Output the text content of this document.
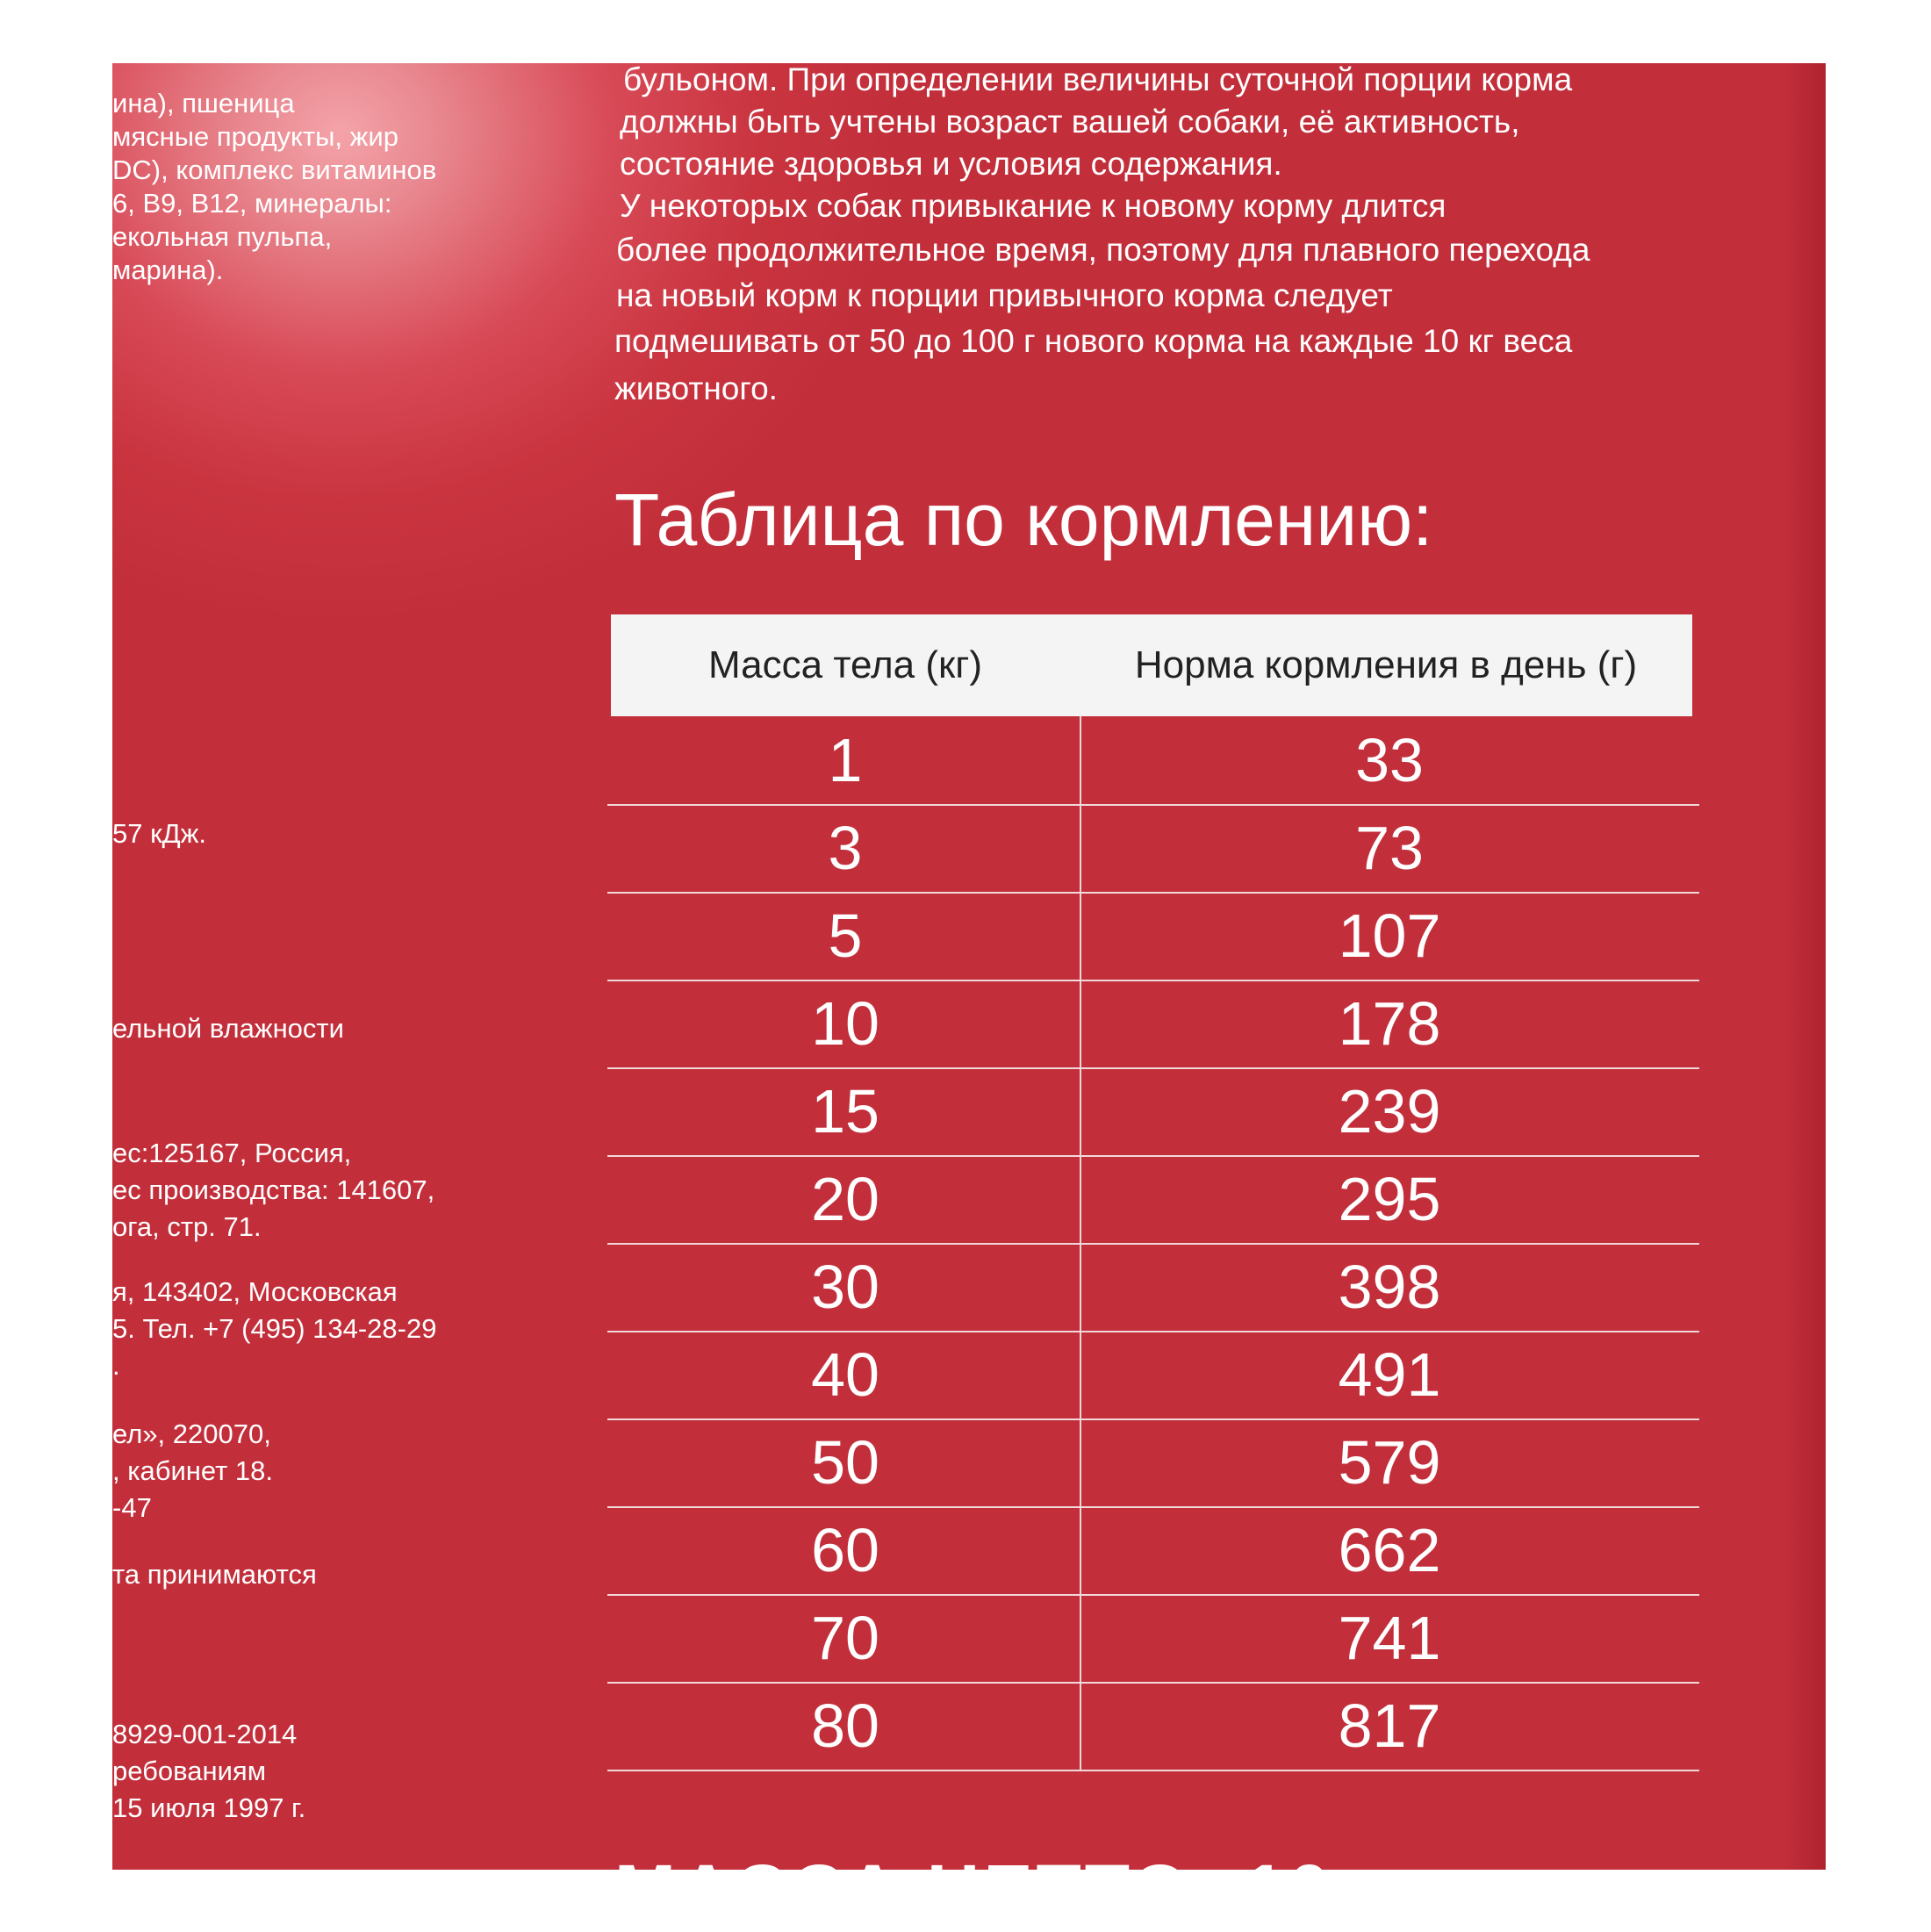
ина), пшеница
мясные продукты, жир
DC), комплекс витаминов
6, B9, B12, минералы:
екольная пульпа,
марина).
57 кДж.
ельной влажности
ес:125167, Россия,
ес производства: 141607,
ога, стр. 71.
я, 143402, Московская
5. Тел. +7 (495) 134-28-29
.
ел», 220070,
, кабинет 18.
-47
та принимаются
8929-001-2014
ребованиям
15 июля 1997 г.
бульоном. При определении величины суточной порции корма
должны быть учтены возраст вашей собаки, её активность,
состояние здоровья и условия содержания.
У некоторых собак привыкание к новому корму длится
более продолжительное время, поэтому для плавного перехода
на новый корм к порции привычного корма следует
подмешивать от 50 до 100 г нового корма на каждые 10 кг веса
животного.
Таблица по кормлению:
Масса тела (кг)	Норма кормления в день (г)
1	33
3	73
5	107
10	178
15	239
20	295
30	398
40	491
50	579
60	662
70	741
80	817
МАССА НЕТТО: 10
